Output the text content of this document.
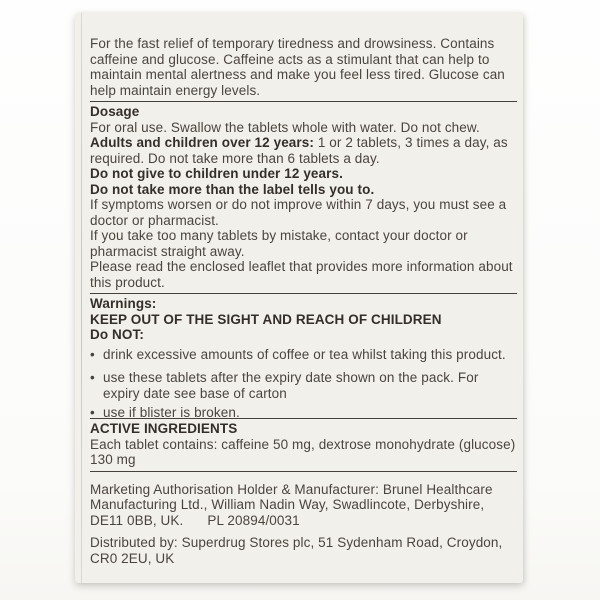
For the fast relief of temporary tiredness and drowsiness. Contains caffeine and glucose. Caffeine acts as a stimulant that can help to maintain mental alertness and make you feel less tired. Glucose can help maintain energy levels.

Dosage

For oral use. Swallow the tablets whole with water. Do not chew.

Adults and children over 12 years: 1 or 2 tablets, 3 times a day, as required. Do not take more than 6 tablets a day.

Do not give to children under 12 years.

Do not take more than the label tells you to.

If symptoms worsen or do not improve within 7 days, you must see a doctor or pharmacist.

If you take too many tablets by mistake, contact your doctor or pharmacist straight away.

Please read the enclosed leaflet that provides more information about this product.

Warnings:

KEEP OUT OF THE SIGHT AND REACH OF CHILDREN

Do NOT:

• drink excessive amounts of coffee or tea whilst taking this product.
• use these tablets after the expiry date shown on the pack. For expiry date see base of carton
• use if blister is broken.

ACTIVE INGREDIENTS

Each tablet contains: caffeine 50 mg, dextrose monohydrate (glucose) 130 mg

Marketing Authorisation Holder & Manufacturer: Brunel Healthcare Manufacturing Ltd., William Nadin Way, Swadlincote, Derbyshire, DE11 0BB, UK. PL 20894/0031

Distributed by: Superdrug Stores plc, 51 Sydenham Road, Croydon, CR0 2EU, UK
